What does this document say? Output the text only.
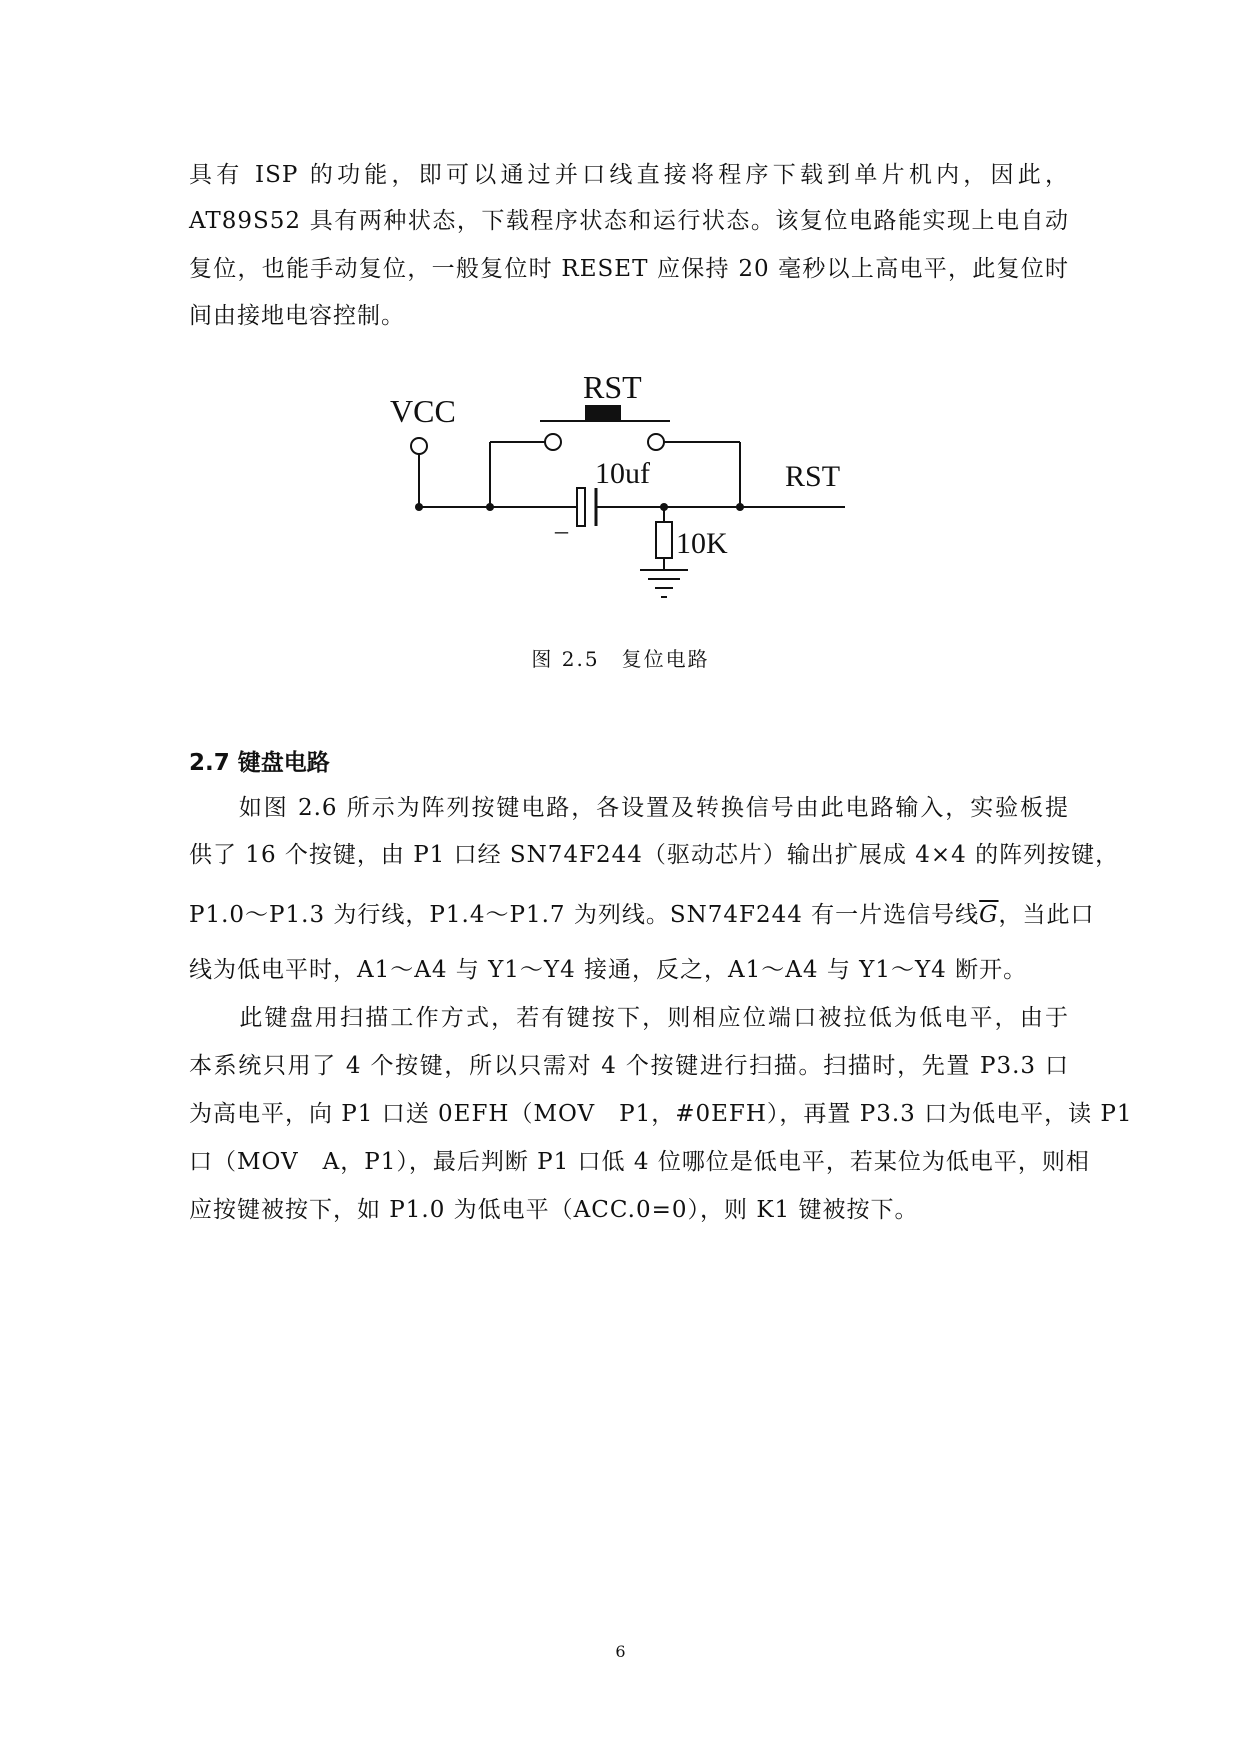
具有 ISP 的功能，即可以通过并口线直接将程序下载到单片机内，因此，
AT89S52 具有两种状态，下载程序状态和运行状态。该复位电路能实现上电自动
复位，也能手动复位，一般复位时 RESET 应保持 20 毫秒以上高电平，此复位时
间由接地电容控制。
VCC
RST
10uf
_
10K
RST
图 2.5　复位电路
2.7 键盘电路
　　如图 2.6 所示为阵列按键电路，各设置及转换信号由此电路输入，实验板提
供了 16 个按键，由 P1 口经 SN74F244（驱动芯片）输出扩展成 4×4 的阵列按键，
P1.0～P1.3 为行线，P1.4～P1.7 为列线。SN74F244 有一片选信号线$\overline{G}$，当此口
线为低电平时，A1～A4 与 Y1～Y4 接通，反之，A1～A4 与 Y1～Y4 断开。
　　此键盘用扫描工作方式，若有键按下，则相应位端口被拉低为低电平，由于
本系统只用了 4 个按键，所以只需对 4 个按键进行扫描。扫描时，先置 P3.3 口
为高电平，向 P1 口送 0EFH（MOV　P1，#0EFH），再置 P3.3 口为低电平，读 P1
口（MOV　A，P1），最后判断 P1 口低 4 位哪位是低电平，若某位为低电平，则相
应按键被按下，如 P1.0 为低电平（ACC.0=0），则 K1 键被按下。
6
